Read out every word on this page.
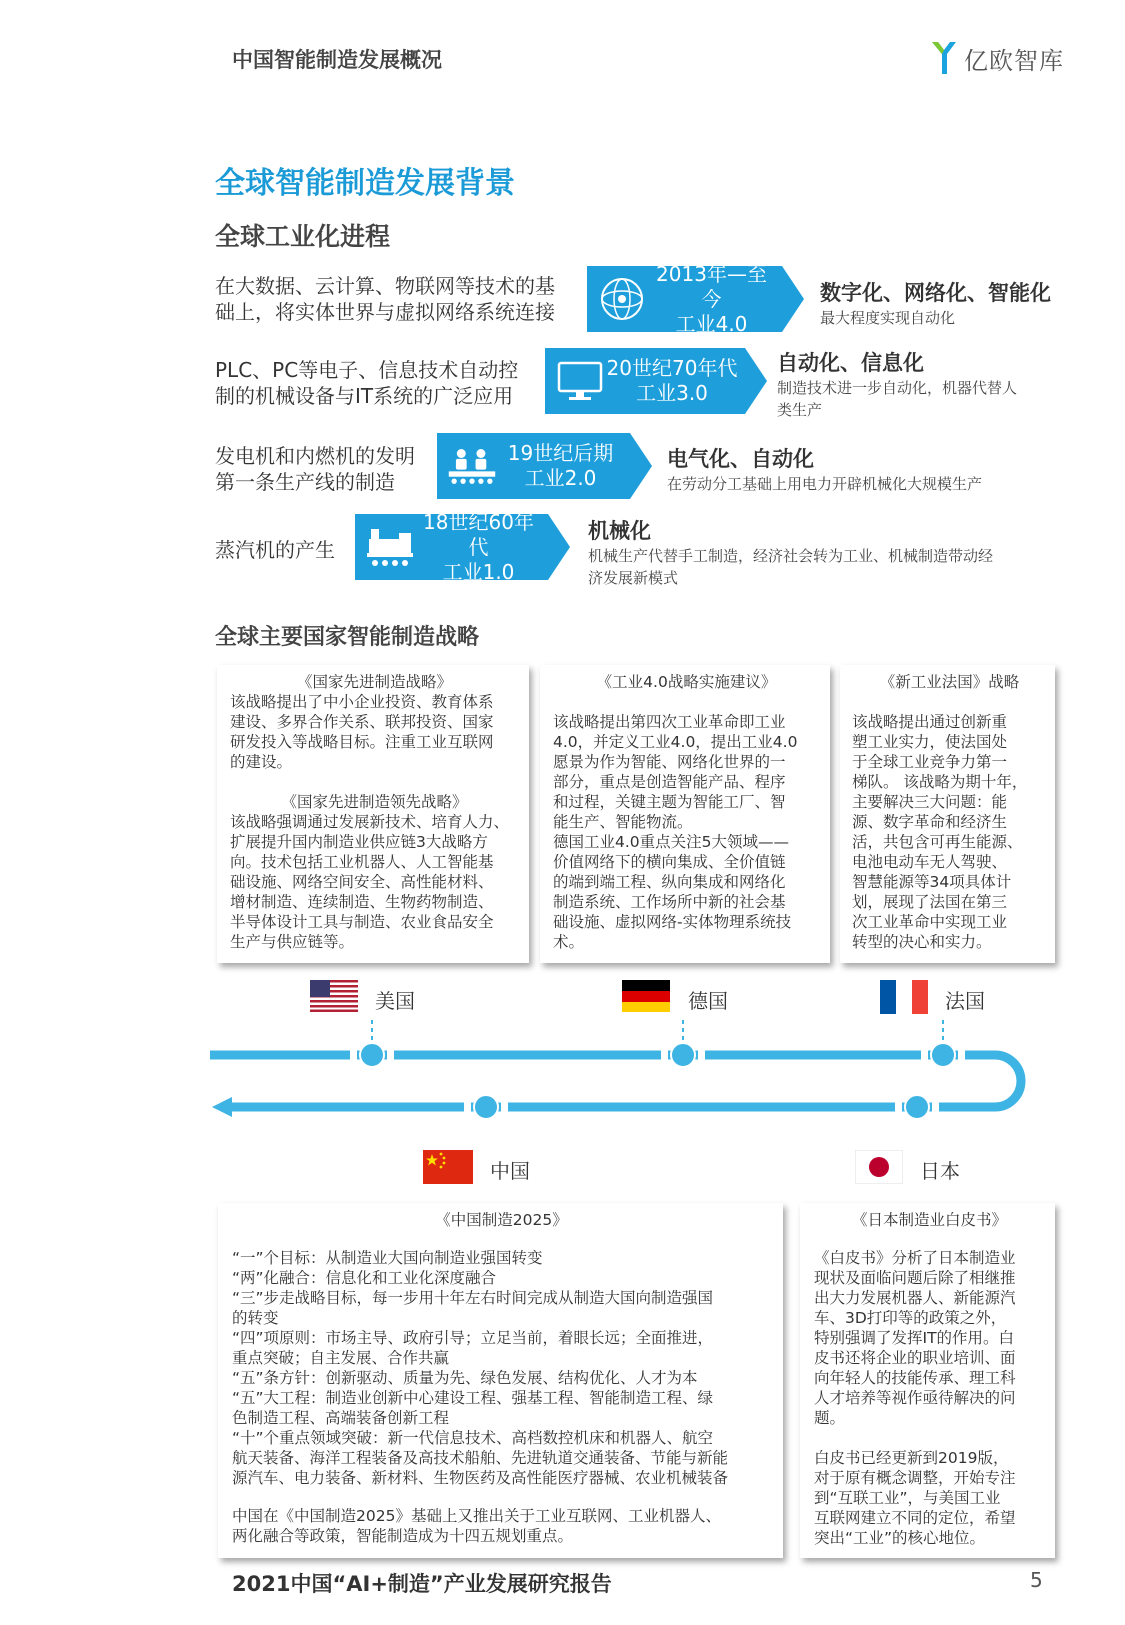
中国智能制造发展概况	亿欧智库
全球智能制造发展背景
全球工业化进程
在大数据、云计算、物联网等技术的基
础上，将实体世界与虚拟网络系统连接
2013年—至今
工业4.0
数字化、网络化、智能化
最大程度实现自动化
PLC、PC等电子、信息技术自动控
制的机械设备与IT系统的广泛应用
20世纪70年代
工业3.0
自动化、信息化
制造技术进一步自动化，机器代替人
类生产
发电机和内燃机的发明
第一条生产线的制造
19世纪后期
工业2.0
电气化、自动化
在劳动分工基础上用电力开辟机械化大规模生产
蒸汽机的产生
18世纪60年代
工业1.0
机械化
机械生产代替手工制造，经济社会转为工业、机械制造带动经
济发展新模式
全球主要国家智能制造战略
《国家先进制造战略》

该战略提出了中小企业投资、教育体系

建设、多界合作关系、联邦投资、国家

研发投入等战略目标。注重工业互联网

的建设。

《国家先进制造领先战略》

该战略强调通过发展新技术、培育人力、

扩展提升国内制造业供应链3大战略方

向。技术包括工业机器人、人工智能基

础设施、网络空间安全、高性能材料、

增材制造、连续制造、生物药物制造、

半导体设计工具与制造、农业食品安全

生产与供应链等。

《工业4.0战略实施建议》

该战略提出第四次工业革命即工业

4.0，并定义工业4.0，提出工业4.0

愿景为作为智能、网络化世界的一

部分，重点是创造智能产品、程序

和过程，关键主题为智能工厂、智

能生产、智能物流。

德国工业4.0重点关注5大领域——

价值网络下的横向集成、全价值链

的端到端工程、纵向集成和网络化

制造系统、工作场所中新的社会基

础设施、虚拟网络-实体物理系统技

术。

《新工业法国》战略

该战略提出通过创新重

塑工业实力，使法国处

于全球工业竞争力第一

梯队。 该战略为期十年，

主要解决三大问题：能

源、数字革命和经济生

活，共包含可再生能源、

电池电动车无人驾驶、

智慧能源等34项具体计

划，展现了法国在第三

次工业革命中实现工业

转型的决心和实力。

美国	德国	法国
中国	日本
《中国制造2025》

“一”个目标：从制造业大国向制造业强国转变

“两”化融合：信息化和工业化深度融合

“三”步走战略目标，每一步用十年左右时间完成从制造大国向制造强国

的转变

“四”项原则：市场主导、政府引导；立足当前，着眼长远；全面推进，

重点突破；自主发展、合作共赢

“五”条方针：创新驱动、质量为先、绿色发展、结构优化、人才为本

“五”大工程：制造业创新中心建设工程、强基工程、智能制造工程、绿

色制造工程、高端装备创新工程

“十”个重点领域突破：新一代信息技术、高档数控机床和机器人、航空

航天装备、海洋工程装备及高技术船舶、先进轨道交通装备、节能与新能

源汽车、电力装备、新材料、生物医药及高性能医疗器械、农业机械装备

中国在《中国制造2025》基础上又推出关于工业互联网、工业机器人、

两化融合等政策，智能制造成为十四五规划重点。

《日本制造业白皮书》

《白皮书》分析了日本制造业

现状及面临问题后除了相继推

出大力发展机器人、新能源汽

车、3D打印等的政策之外，

特别强调了发挥IT的作用。白

皮书还将企业的职业培训、面

向年轻人的技能传承、理工科

人才培养等视作亟待解决的问

题。

白皮书已经更新到2019版，

对于原有概念调整，开始专注

到“互联工业”，与美国工业

互联网建立不同的定位，希望

突出“工业”的核心地位。

2021中国“AI+制造”产业发展研究报告	5
